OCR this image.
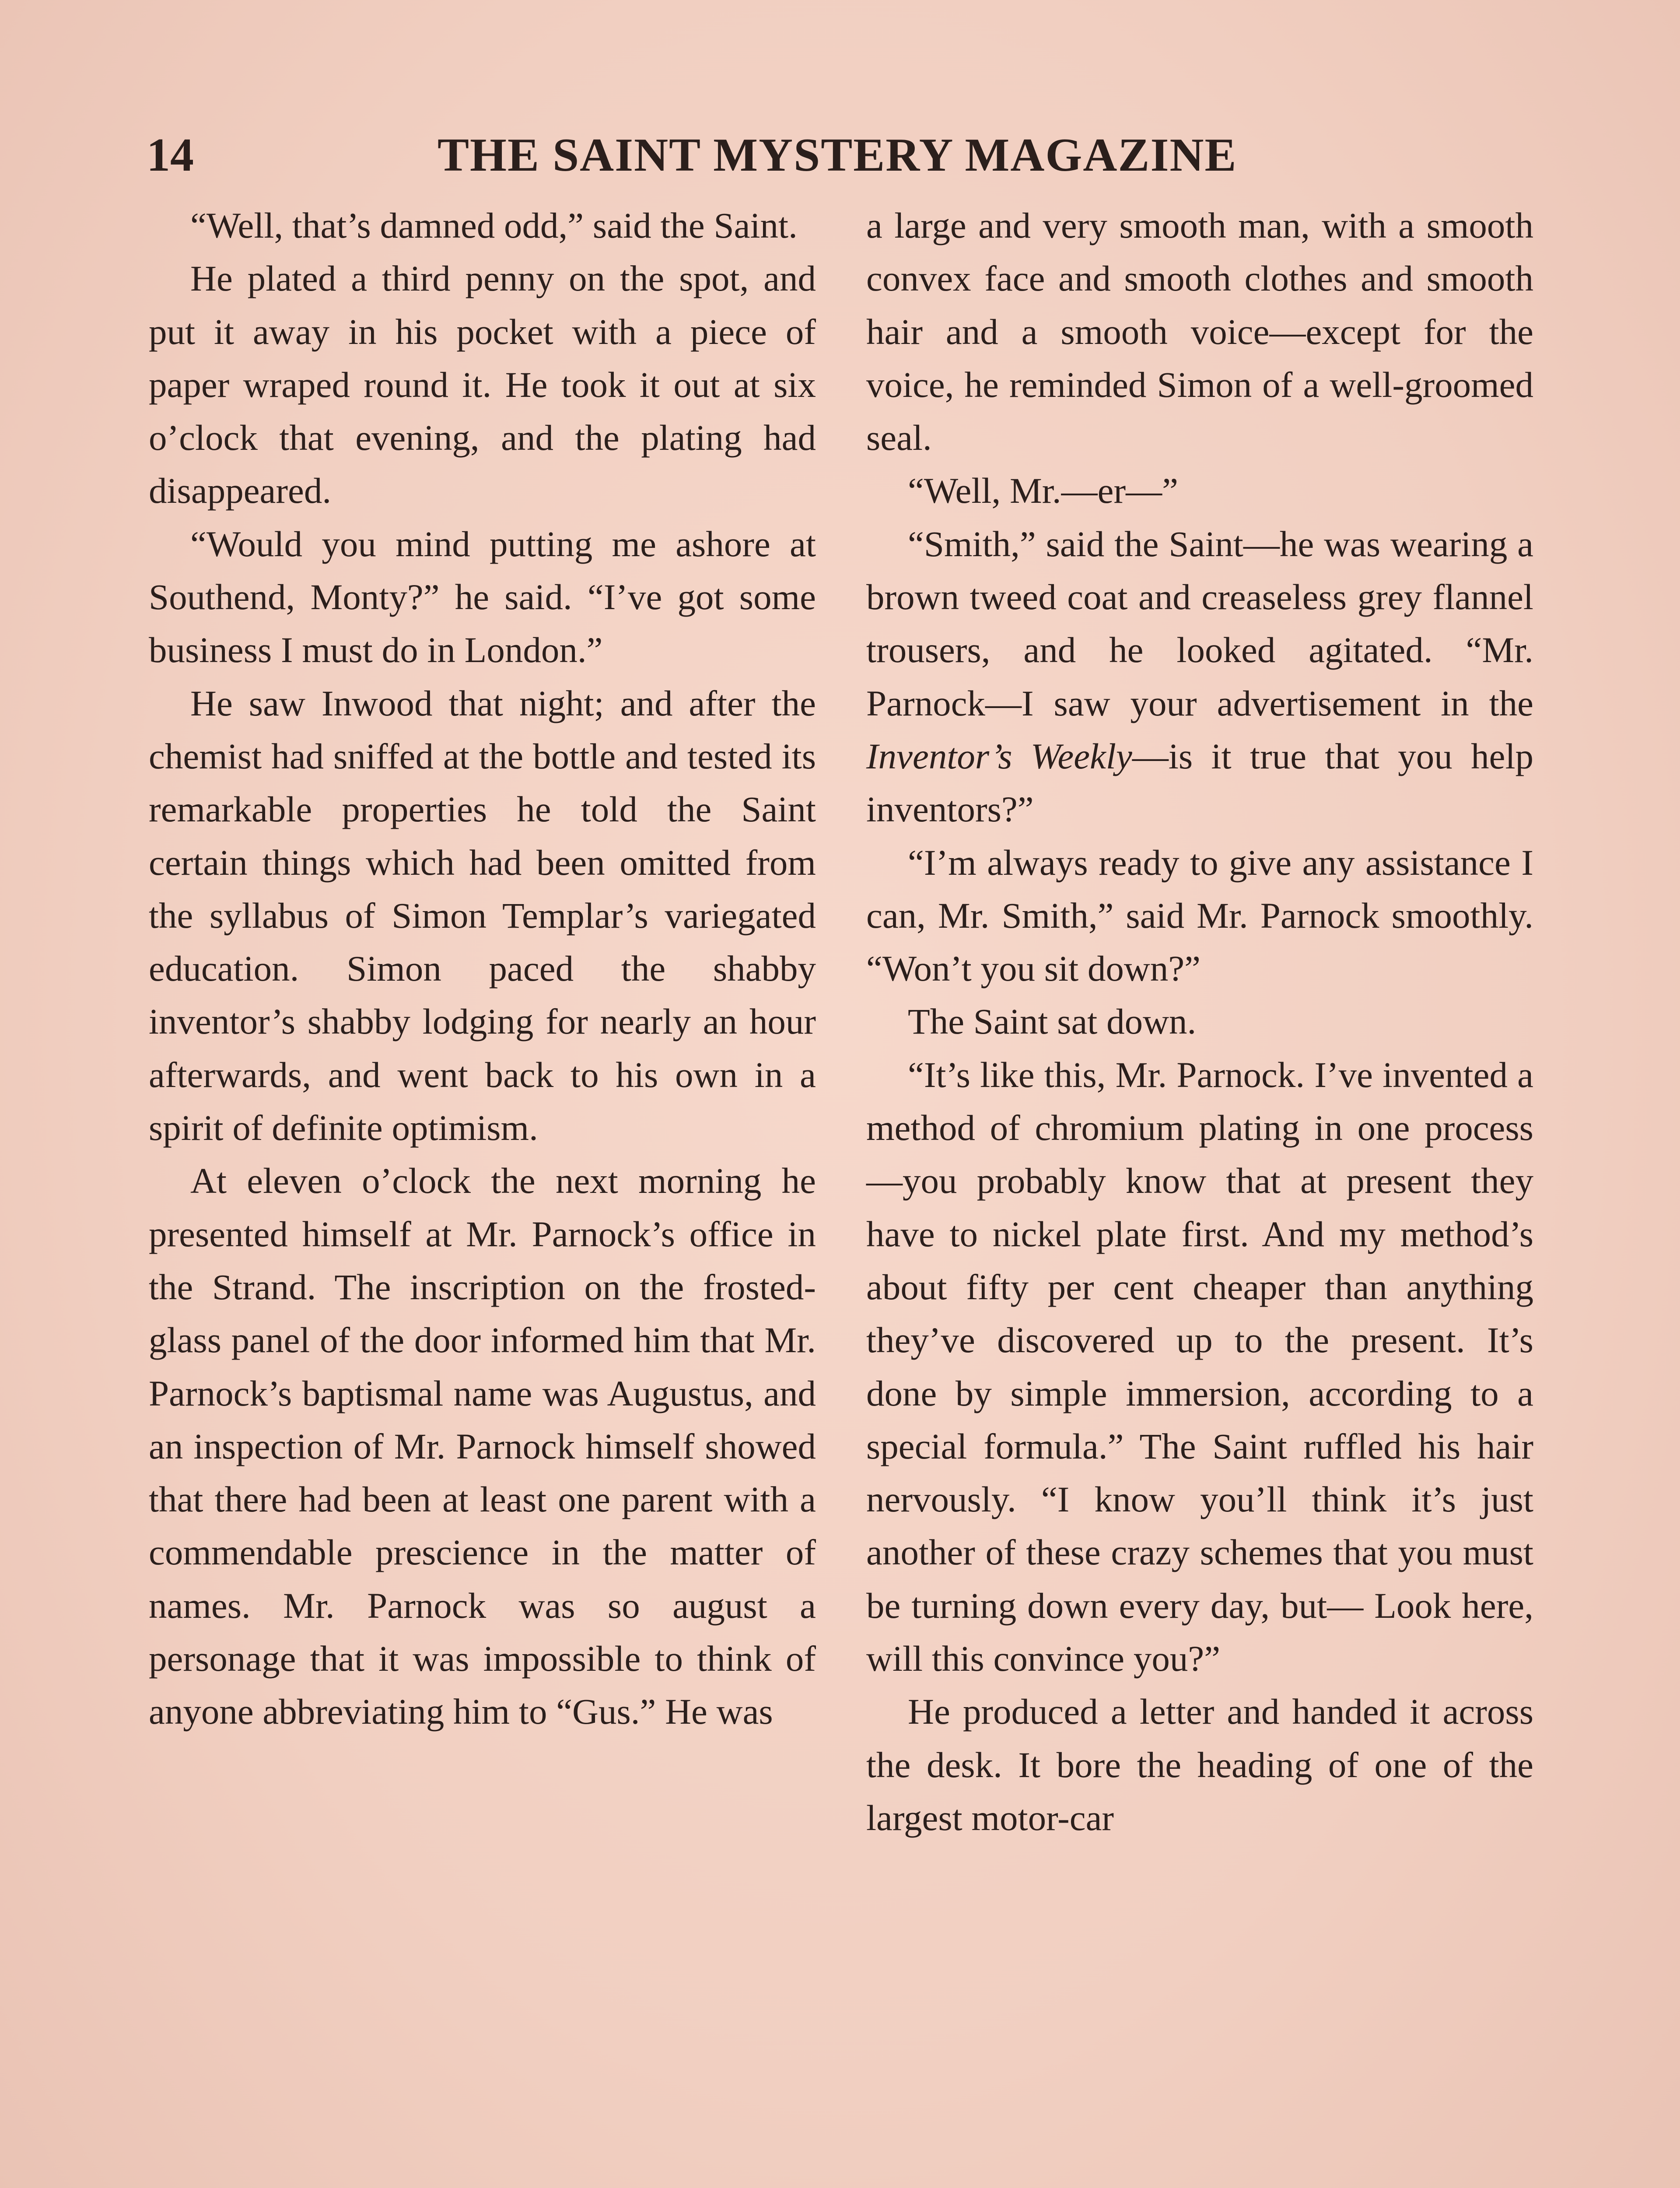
14	THE SAINT MYSTERY MAGAZINE

“Well, that’s damned odd,” said the Saint.

He plated a third penny on the spot, and put it away in his pocket with a piece of paper wraped round it. He took it out at six o’clock that evening, and the plating had disappeared.

“Would you mind putting me ashore at Southend, Monty?” he said. “I’ve got some business I must do in London.”

He saw Inwood that night; and after the chemist had sniffed at the bottle and tested its remarkable properties he told the Saint certain things which had been omitted from the syllabus of Simon Templar’s variegated education. Simon paced the shabby inventor’s shabby lodging for nearly an hour afterwards, and went back to his own in a spirit of definite optimism.

At eleven o’clock the next morning he presented himself at Mr. Parnock’s office in the Strand. The inscription on the frosted-glass panel of the door informed him that Mr. Parnock’s baptismal name was Augustus, and an inspection of Mr. Parnock himself showed that there had been at least one parent with a commendable prescience in the matter of names. Mr. Parnock was so august a personage that it was impossible to think of anyone abbreviating him to “Gus.” He was

a large and very smooth man, with a smooth convex face and smooth clothes and smooth hair and a smooth voice—except for the voice, he reminded Simon of a well-groomed seal.

“Well, Mr.—er—”

“Smith,” said the Saint—he was wearing a brown tweed coat and creaseless grey flannel trousers, and he looked agitated. “Mr. Parnock—I saw your advertisement in the Inventor’s Weekly—is it true that you help inventors?”

“I’m always ready to give any assistance I can, Mr. Smith,” said Mr. Parnock smoothly. “Won’t you sit down?”

The Saint sat down.

“It’s like this, Mr. Parnock. I’ve invented a method of chromium plating in one process—you probably know that at present they have to nickel plate first. And my method’s about fifty per cent cheaper than anything they’ve discovered up to the present. It’s done by simple immersion, according to a special formula.” The Saint ruffled his hair nervously. “I know you’ll think it’s just another of these crazy schemes that you must be turning down every day, but— Look here, will this convince you?”

He produced a letter and handed it across the desk. It bore the heading of one of the largest motor-car
